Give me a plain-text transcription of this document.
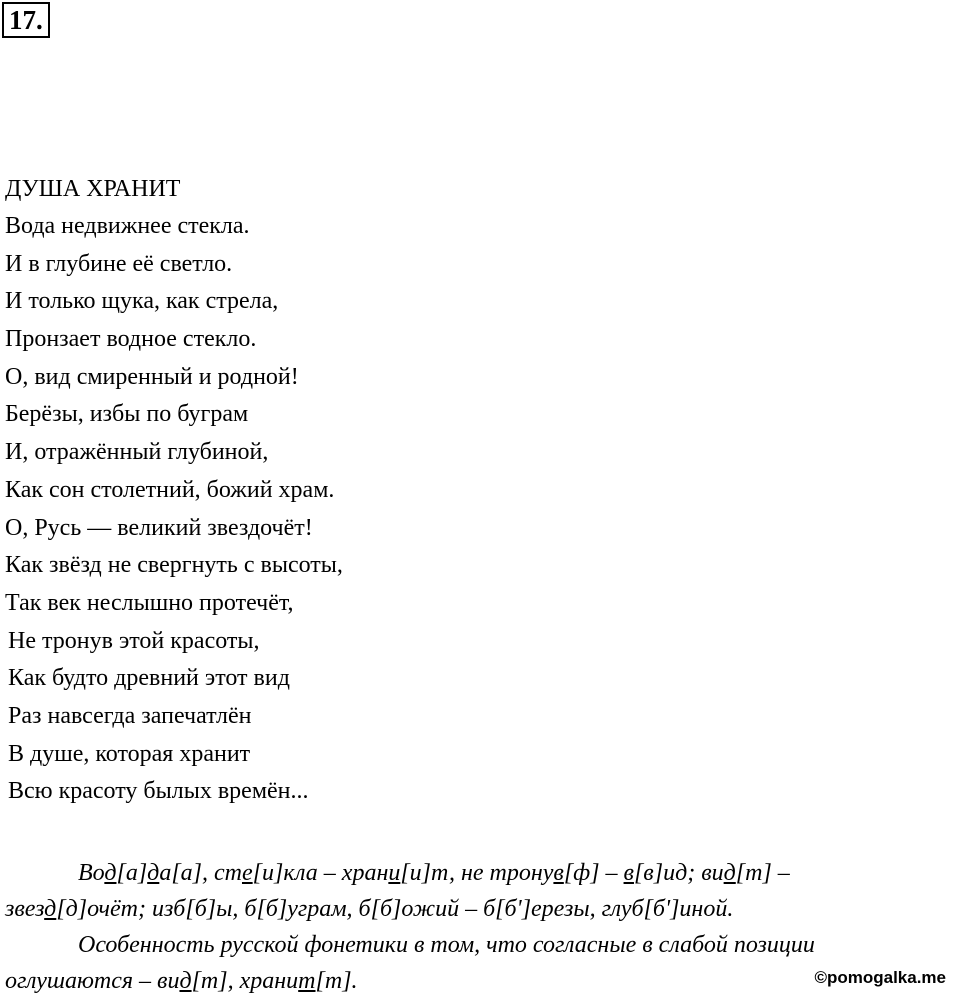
17.
ДУША ХРАНИТ
Вода недвижнее стекла.
И в глубине её светло.
И только щука, как стрела,
Пронзает водное стекло.
О, вид смиренный и родной!
Берёзы, избы по буграм
И, отражённый глубиной,
Как сон столетний, божий храм.
О, Русь — великий звездочёт!
Как звёзд не свергнуть с высоты,
Так век неслышно протечёт,
Не тронув этой красоты,
Как будто древний этот вид
Раз навсегда запечатлён
В душе, которая хранит
Всю красоту былых времён...
Вод[а]да[а], сте[и]кла – храни[и]т, не тронув[ф] – в[в]ид; вид[т] –
звезд[д]очёт; изб[б]ы, б[б]уграм, б[б]ожий – б[б']ерезы, глуб[б']иной.
Особенность русской фонетики в том, что согласные в слабой позиции
оглушаются – вид[т], хранит[т].	©pomogalka.me
